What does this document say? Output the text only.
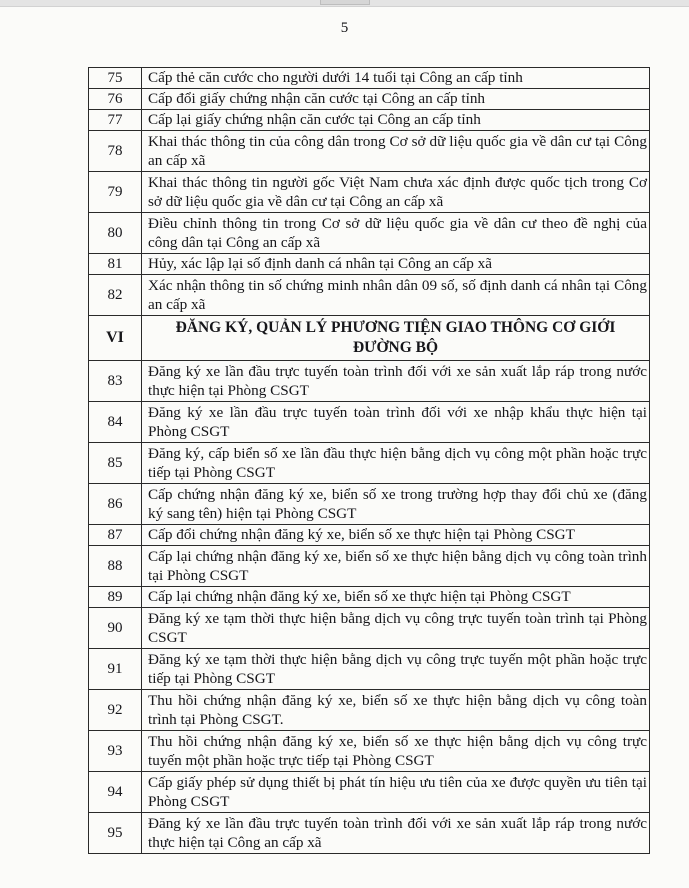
5
75	Cấp thẻ căn cước cho người dưới 14 tuổi tại Công an cấp tỉnh
76	Cấp đổi giấy chứng nhận căn cước tại Công an cấp tỉnh
77	Cấp lại giấy chứng nhận căn cước tại Công an cấp tỉnh
78	Khai thác thông tin của công dân trong Cơ sở dữ liệu quốc gia về dân cư tại Công an cấp xã
79	Khai thác thông tin người gốc Việt Nam chưa xác định được quốc tịch trong Cơ sở dữ liệu quốc gia về dân cư tại Công an cấp xã
80	Điều chỉnh thông tin trong Cơ sở dữ liệu quốc gia về dân cư theo đề nghị của công dân tại Công an cấp xã
81	Hủy, xác lập lại số định danh cá nhân tại Công an cấp xã
82	Xác nhận thông tin số chứng minh nhân dân 09 số, số định danh cá nhân tại Công an cấp xã
VI	ĐĂNG KÝ, QUẢN LÝ PHƯƠNG TIỆN GIAO THÔNG CƠ GIỚI ĐƯỜNG BỘ
83	Đăng ký xe lần đầu trực tuyến toàn trình đối với xe sản xuất lắp ráp trong nước thực hiện tại Phòng CSGT
84	Đăng ký xe lần đầu trực tuyến toàn trình đối với xe nhập khẩu thực hiện tại Phòng CSGT
85	Đăng ký, cấp biển số xe lần đầu thực hiện bằng dịch vụ công một phần hoặc trực tiếp tại Phòng CSGT
86	Cấp chứng nhận đăng ký xe, biển số xe trong trường hợp thay đổi chủ xe (đăng ký sang tên) hiện tại Phòng CSGT
87	Cấp đổi chứng nhận đăng ký xe, biển số xe thực hiện tại Phòng CSGT
88	Cấp lại chứng nhận đăng ký xe, biển số xe thực hiện bằng dịch vụ công toàn trình tại Phòng CSGT
89	Cấp lại chứng nhận đăng ký xe, biển số xe thực hiện tại Phòng CSGT
90	Đăng ký xe tạm thời thực hiện bằng dịch vụ công trực tuyến toàn trình tại Phòng CSGT
91	Đăng ký xe tạm thời thực hiện bằng dịch vụ công trực tuyến một phần hoặc trực tiếp tại Phòng CSGT
92	Thu hồi chứng nhận đăng ký xe, biển số xe thực hiện bằng dịch vụ công toàn trình tại Phòng CSGT.
93	Thu hồi chứng nhận đăng ký xe, biển số xe thực hiện bằng dịch vụ công trực tuyến một phần hoặc trực tiếp tại Phòng CSGT
94	Cấp giấy phép sử dụng thiết bị phát tín hiệu ưu tiên của xe được quyền ưu tiên tại Phòng CSGT
95	Đăng ký xe lần đầu trực tuyến toàn trình đối với xe sản xuất lắp ráp trong nước thực hiện tại Công an cấp xã
